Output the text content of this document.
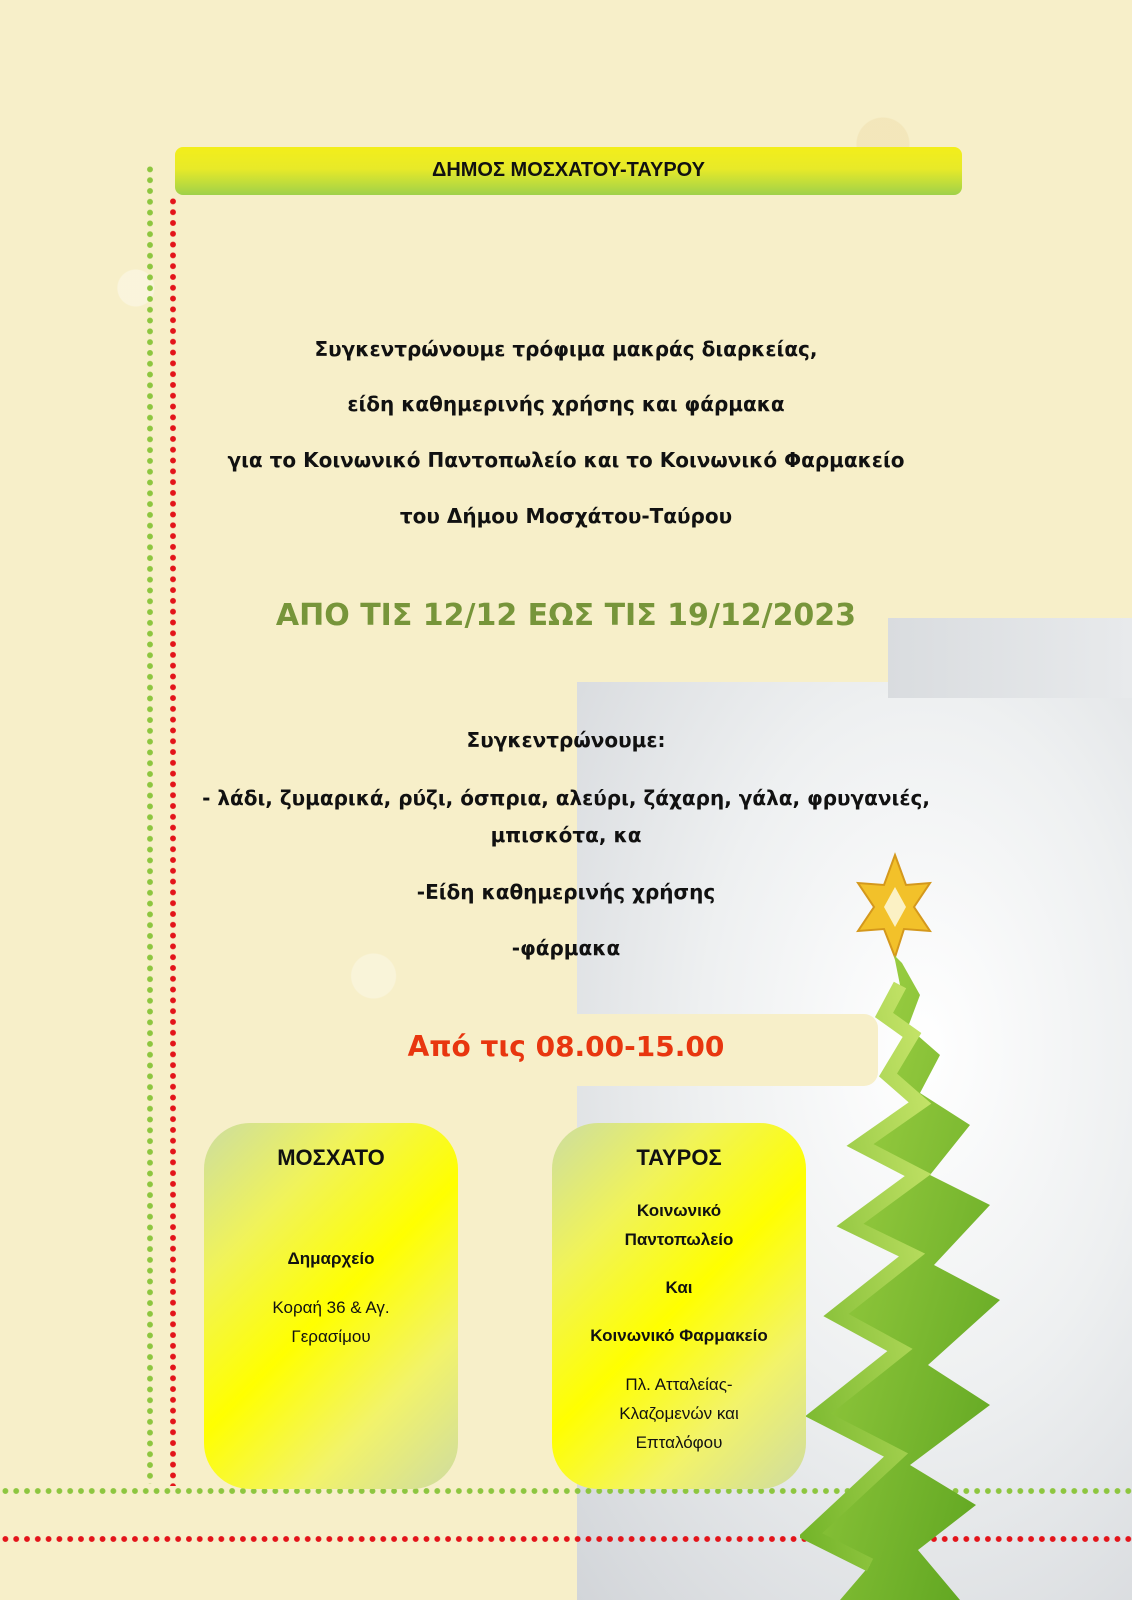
ΔΗΜΟΣ ΜΟΣΧΑΤΟΥ-ΤΑΥΡΟΥ
Συγκεντρώνουμε τρόφιμα μακράς διαρκείας,
είδη καθημερινής χρήσης και φάρμακα
για το Κοινωνικό Παντοπωλείο και το Κοινωνικό Φαρμακείο
του Δήμου Μοσχάτου-Ταύρου
ΑΠΟ ΤΙΣ 12/12 ΕΩΣ ΤΙΣ 19/12/2023
Συγκεντρώνουμε:
- λάδι, ζυμαρικά, ρύζι, όσπρια, αλεύρι, ζάχαρη, γάλα, φρυγανιές,
μπισκότα, κα
-Είδη καθημερινής χρήσης
-φάρμακα
Από τις 08.00-15.00
ΜΟΣΧΑΤΟ
Δημαρχείο
Κοραή 36 & Αγ.
Γερασίμου
ΤΑΥΡΟΣ
Κοινωνικό
Παντοπωλείο
Και
Κοινωνικό Φαρμακείο
Πλ. Ατταλείας-
Κλαζομενών και
Επταλόφου
